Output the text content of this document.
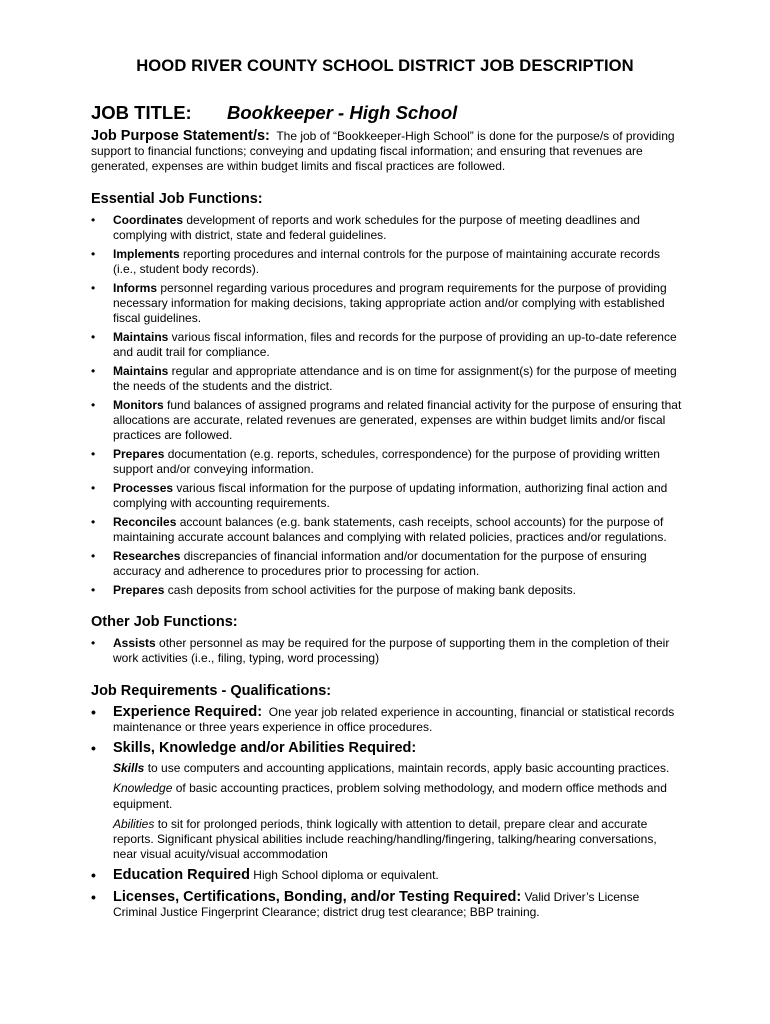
HOOD RIVER COUNTY SCHOOL DISTRICT JOB DESCRIPTION
JOB TITLE: Bookkeeper - High School
Job Purpose Statement/s: The job of “Bookkeeper-High School” is done for the purpose/s of providing support to financial functions; conveying and updating fiscal information; and ensuring that revenues are generated, expenses are within budget limits and fiscal practices are followed.
Essential Job Functions:
• Coordinates development of reports and work schedules for the purpose of meeting deadlines and complying with district, state and federal guidelines.
• Implements reporting procedures and internal controls for the purpose of maintaining accurate records (i.e., student body records).
• Informs personnel regarding various procedures and program requirements for the purpose of providing necessary information for making decisions, taking appropriate action and/or complying with established fiscal guidelines.
• Maintains various fiscal information, files and records for the purpose of providing an up-to-date reference and audit trail for compliance.
• Maintains regular and appropriate attendance and is on time for assignment(s) for the purpose of meeting the needs of the students and the district.
• Monitors fund balances of assigned programs and related financial activity for the purpose of ensuring that allocations are accurate, related revenues are generated, expenses are within budget limits and/or fiscal practices are followed.
• Prepares documentation (e.g. reports, schedules, correspondence) for the purpose of providing written support and/or conveying information.
• Processes various fiscal information for the purpose of updating information, authorizing final action and complying with accounting requirements.
• Reconciles account balances (e.g. bank statements, cash receipts, school accounts) for the purpose of maintaining accurate account balances and complying with related policies, practices and/or regulations.
• Researches discrepancies of financial information and/or documentation for the purpose of ensuring accuracy and adherence to procedures prior to processing for action.
• Prepares cash deposits from school activities for the purpose of making bank deposits.
Other Job Functions:
• Assists other personnel as may be required for the purpose of supporting them in the completion of their work activities (i.e., filing, typing, word processing)
Job Requirements - Qualifications:
• Experience Required: One year job related experience in accounting, financial or statistical records maintenance or three years experience in office procedures.
• Skills, Knowledge and/or Abilities Required:
Skills to use computers and accounting applications, maintain records, apply basic accounting practices.
Knowledge of basic accounting practices, problem solving methodology, and modern office methods and equipment.
Abilities to sit for prolonged periods, think logically with attention to detail, prepare clear and accurate reports. Significant physical abilities include reaching/handling/fingering, talking/hearing conversations, near visual acuity/visual accommodation
• Education Required High School diploma or equivalent.
• Licenses, Certifications, Bonding, and/or Testing Required: Valid Driver’s License Criminal Justice Fingerprint Clearance; district drug test clearance; BBP training.
